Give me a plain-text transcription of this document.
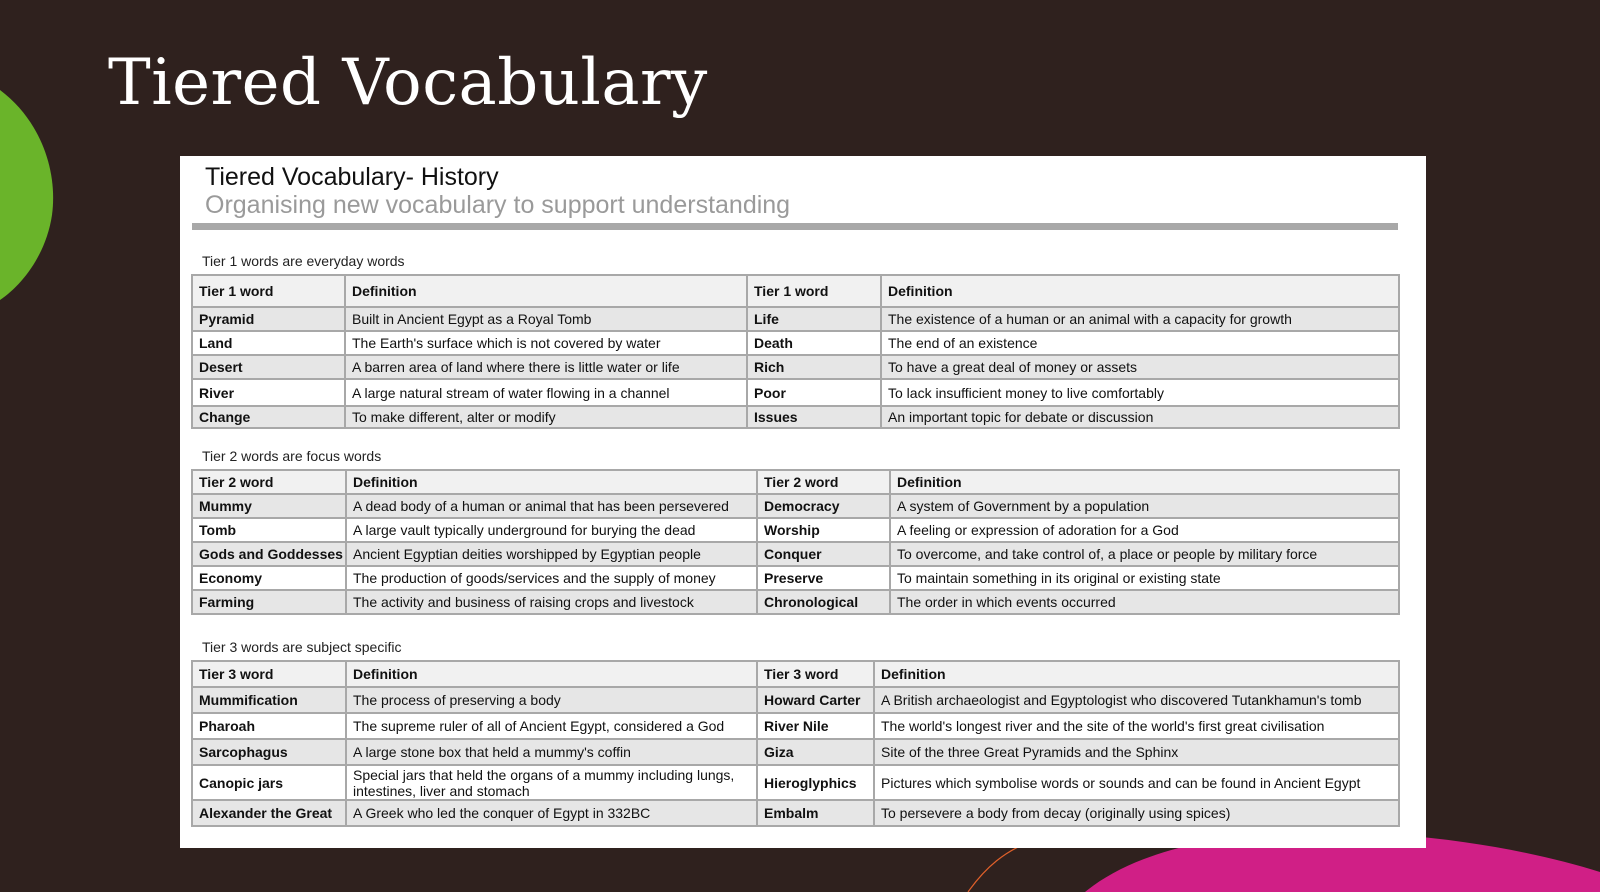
Tiered Vocabulary
Tiered Vocabulary- History
Organising new vocabulary to support understanding
Tier 1 words are everyday words
Tier 1 word	Definition	Tier 1 word	Definition
Pyramid	Built in Ancient Egypt as a Royal Tomb	Life	The existence of a human or an animal with a capacity for growth
Land	The Earth's surface which is not covered by water	Death	The end of an existence
Desert	A barren area of land where there is little water or life	Rich	To have a great deal of money or assets
River	A large natural stream of water flowing in a channel	Poor	To lack insufficient money to live comfortably
Change	To make different, alter or modify	Issues	An important topic for debate or discussion
Tier 2 words are focus words
Tier 2 word	Definition	Tier 2 word	Definition
Mummy	A dead body of a human or animal that has been persevered	Democracy	A system of Government by a population
Tomb	A large vault typically underground for burying the dead	Worship	A feeling or expression of adoration for a God
Gods and Goddesses	Ancient Egyptian deities worshipped by Egyptian people	Conquer	To overcome, and take control of, a place or people by military force
Economy	The production of goods/services and the supply of money	Preserve	To maintain something in its original or existing state
Farming	The activity and business of raising crops and livestock	Chronological	The order in which events occurred
Tier 3 words are subject specific
Tier 3 word	Definition	Tier 3 word	Definition
Mummification	The process of preserving a body	Howard Carter	A British archaeologist and Egyptologist who discovered Tutankhamun's tomb
Pharoah	The supreme ruler of all of Ancient Egypt, considered a God	River Nile	The world's longest river and the site of the world's first great civilisation
Sarcophagus	A large stone box that held a mummy's coffin	Giza	Site of the three Great Pyramids and the Sphinx
Canopic jars	Special jars that held the organs of a mummy including lungs, intestines, liver and stomach	Hieroglyphics	Pictures which symbolise words or sounds and can be found in Ancient Egypt
Alexander the Great	A Greek who led the conquer of Egypt in 332BC	Embalm	To persevere a body from decay (originally using spices)
